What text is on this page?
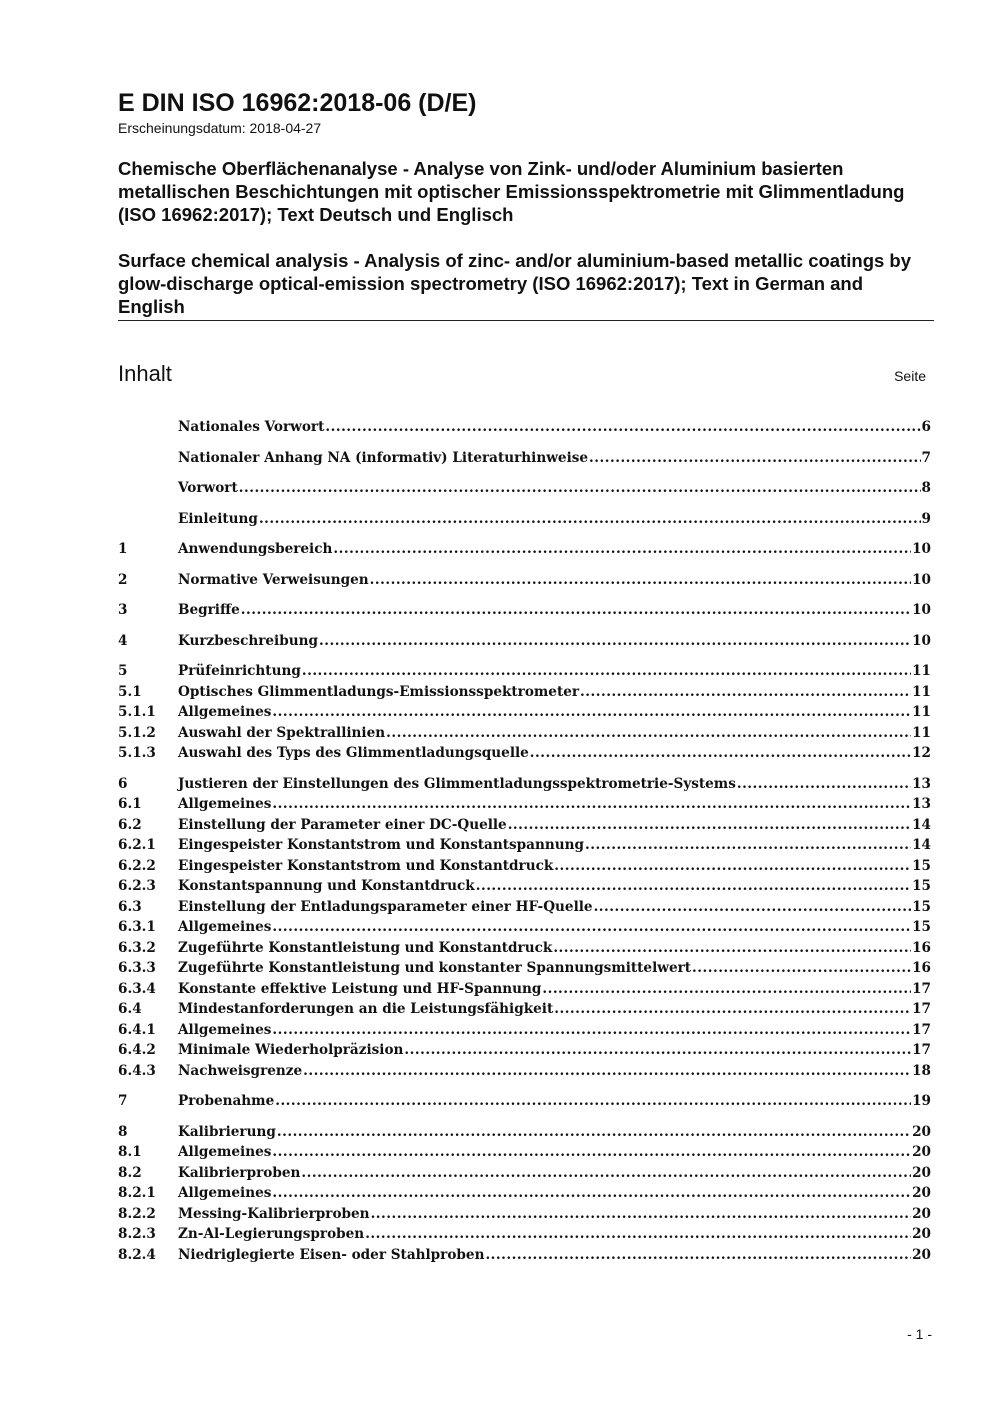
E DIN ISO 16962:2018-06 (D/E)
Erscheinungsdatum: 2018-04-27
Chemische Oberflächenanalyse - Analyse von Zink- und/oder Aluminium basierten metallischen Beschichtungen mit optischer Emissionsspektrometrie mit Glimmentladung (ISO 16962:2017); Text Deutsch und Englisch
Surface chemical analysis - Analysis of zinc- and/or aluminium-based metallic coatings by glow-discharge optical-emission spectrometry (ISO 16962:2017); Text in German and English
Inhalt	Seite
Nationales Vorwort .....	6
Nationaler Anhang NA (informativ) Literaturhinweise .....	7
Vorwort .....	8
Einleitung .....	9
1	Anwendungsbereich .....	10
2	Normative Verweisungen .....	10
3	Begriffe .....	10
4	Kurzbeschreibung .....	10
5	Prüfeinrichtung .....	11
5.1	Optisches Glimmentladungs-Emissionsspektrometer .....	11
5.1.1	Allgemeines .....	11
5.1.2	Auswahl der Spektrallinien .....	11
5.1.3	Auswahl des Typs des Glimmentladungsquelle .....	12
6	Justieren der Einstellungen des Glimmentladungsspektrometrie-Systems .....	13
6.1	Allgemeines .....	13
6.2	Einstellung der Parameter einer DC-Quelle .....	14
6.2.1	Eingespeister Konstantstrom und Konstantspannung .....	14
6.2.2	Eingespeister Konstantstrom und Konstantdruck .....	15
6.2.3	Konstantspannung und Konstantdruck .....	15
6.3	Einstellung der Entladungsparameter einer HF-Quelle .....	15
6.3.1	Allgemeines .....	15
6.3.2	Zugeführte Konstantleistung und Konstantdruck .....	16
6.3.3	Zugeführte Konstantleistung und konstanter Spannungsmittelwert .....	16
6.3.4	Konstante effektive Leistung und HF-Spannung .....	17
6.4	Mindestanforderungen an die Leistungsfähigkeit .....	17
6.4.1	Allgemeines .....	17
6.4.2	Minimale Wiederholpräzision .....	17
6.4.3	Nachweisgrenze .....	18
7	Probenahme .....	19
8	Kalibrierung .....	20
8.1	Allgemeines .....	20
8.2	Kalibrierproben .....	20
8.2.1	Allgemeines .....	20
8.2.2	Messing-Kalibrierproben .....	20
8.2.3	Zn-Al-Legierungsproben .....	20
8.2.4	Niedriglegierte Eisen- oder Stahlproben .....	20
- 1 -
